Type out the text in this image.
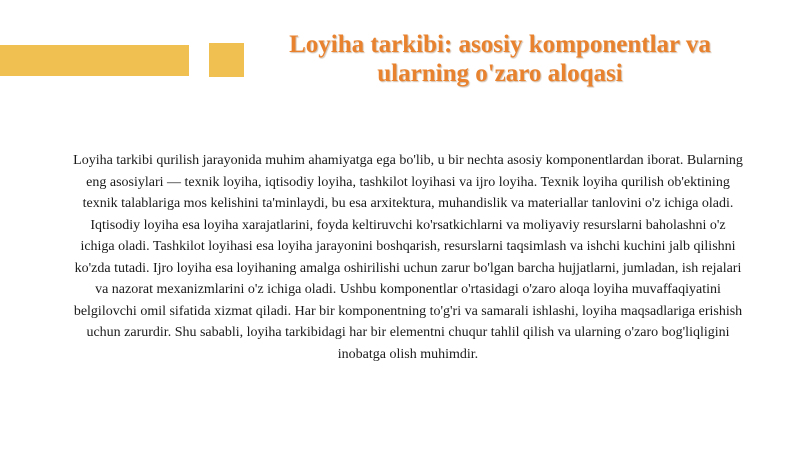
Loyiha tarkibi: asosiy komponentlar va ularning o'zaro aloqasi

Loyiha tarkibi qurilish jarayonida muhim ahamiyatga ega bo'lib, u bir nechta asosiy komponentlardan iborat. Bularning eng asosiylari — texnik loyiha, iqtisodiy loyiha, tashkilot loyihasi va ijro loyiha. Texnik loyiha qurilish ob'ektining texnik talablariga mos kelishini ta'minlaydi, bu esa arxitektura, muhandislik va materiallar tanlovini o'z ichiga oladi. Iqtisodiy loyiha esa loyiha xarajatlarini, foyda keltiruvchi ko'rsatkichlarni va moliyaviy resurslarni baholashni o'z ichiga oladi. Tashkilot loyihasi esa loyiha jarayonini boshqarish, resurslarni taqsimlash va ishchi kuchini jalb qilishni ko'zda tutadi. Ijro loyiha esa loyihaning amalga oshirilishi uchun zarur bo'lgan barcha hujjatlarni, jumladan, ish rejalari va nazorat mexanizmlarini o'z ichiga oladi. Ushbu komponentlar o'rtasidagi o'zaro aloqa loyiha muvaffaqiyatini belgilovchi omil sifatida xizmat qiladi. Har bir komponentning to'g'ri va samarali ishlashi, loyiha maqsadlariga erishish uchun zarurdir. Shu sababli, loyiha tarkibidagi har bir elementni chuqur tahlil qilish va ularning o'zaro bog'liqligini inobatga olish muhimdir.
